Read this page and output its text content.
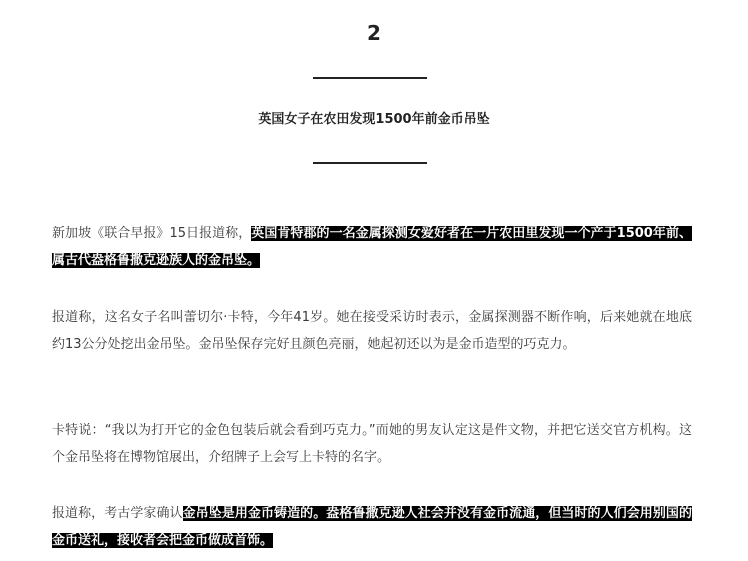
2
英国女子在农田发现1500年前金币吊坠

新加坡《联合早报》15日报道称，英国肯特郡的一名金属探测女爱好者在一片农田里发现一个产于1500年前、属古代盎格鲁撒克逊族人的金吊坠。

报道称，这名女子名叫蕾切尔·卡特，今年41岁。她在接受采访时表示，金属探测器不断作响，后来她就在地底约13公分处挖出金吊坠。金吊坠保存完好且颜色亮丽，她起初还以为是金币造型的巧克力。

卡特说：“我以为打开它的金色包装后就会看到巧克力。”而她的男友认定这是件文物，并把它送交官方机构。这个金吊坠将在博物馆展出，介绍牌子上会写上卡特的名字。

报道称，考古学家确认金吊坠是用金币铸造的。盎格鲁撒克逊人社会并没有金币流通，但当时的人们会用别国的金币送礼，接收者会把金币做成首饰。
